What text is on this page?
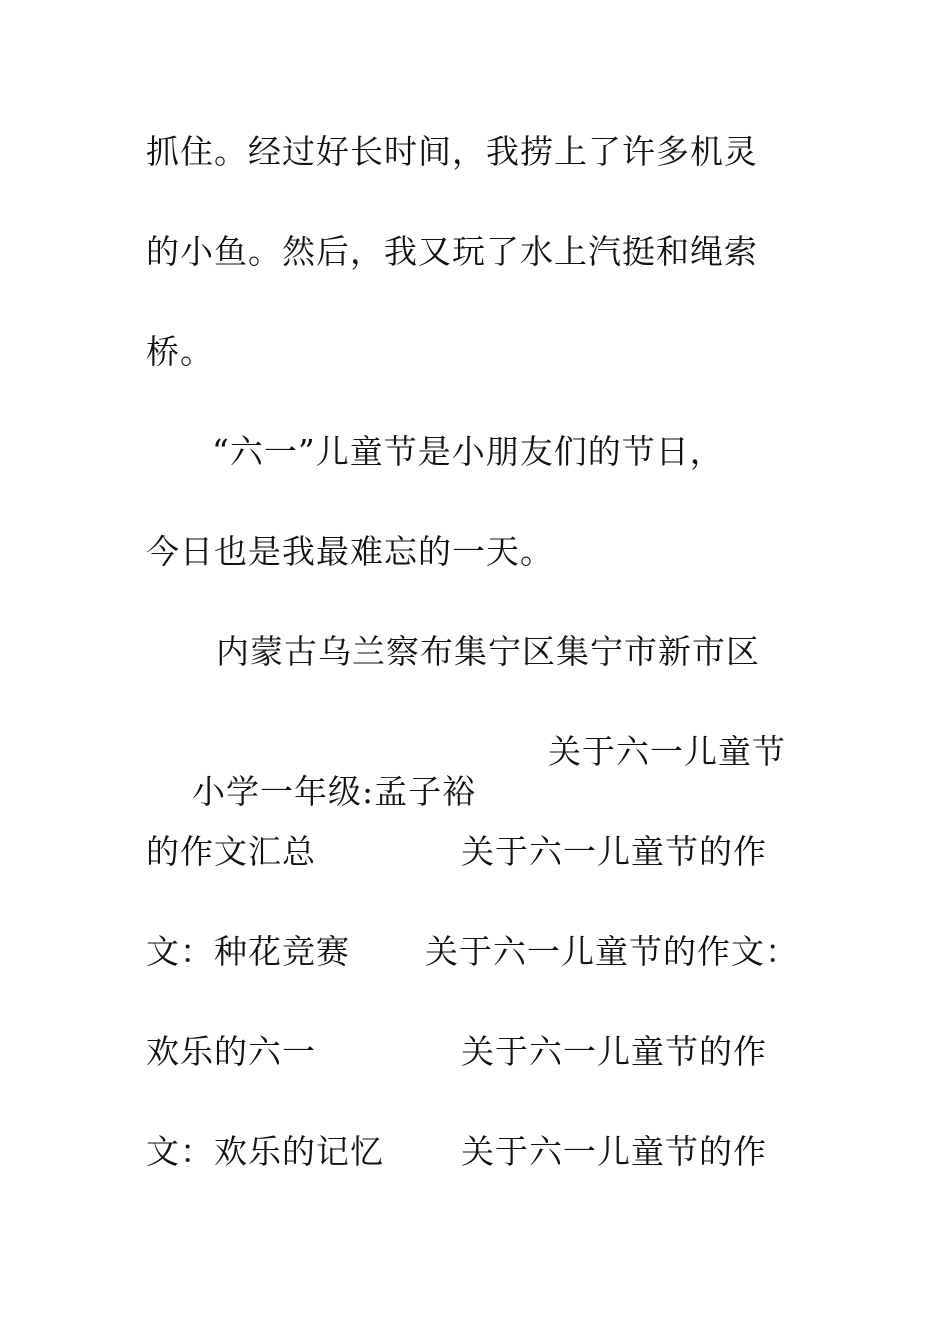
抓住。经过好长时间，我捞上了许多机灵
的小鱼。然后，我又玩了水上汽挺和绳索
桥。
“六一”儿童节是小朋友们的节日，
今日也是我最难忘的一天。
内蒙古乌兰察布集宁区集宁市新市区

小学一年级:孟子裕

关于六一儿童节
的作文汇总	关于六一儿童节的作
文：种花竞赛 关于六一儿童节的作文：
欢乐的六一	关于六一儿童节的作
文：欢乐的记忆 关于六一儿童节的作
